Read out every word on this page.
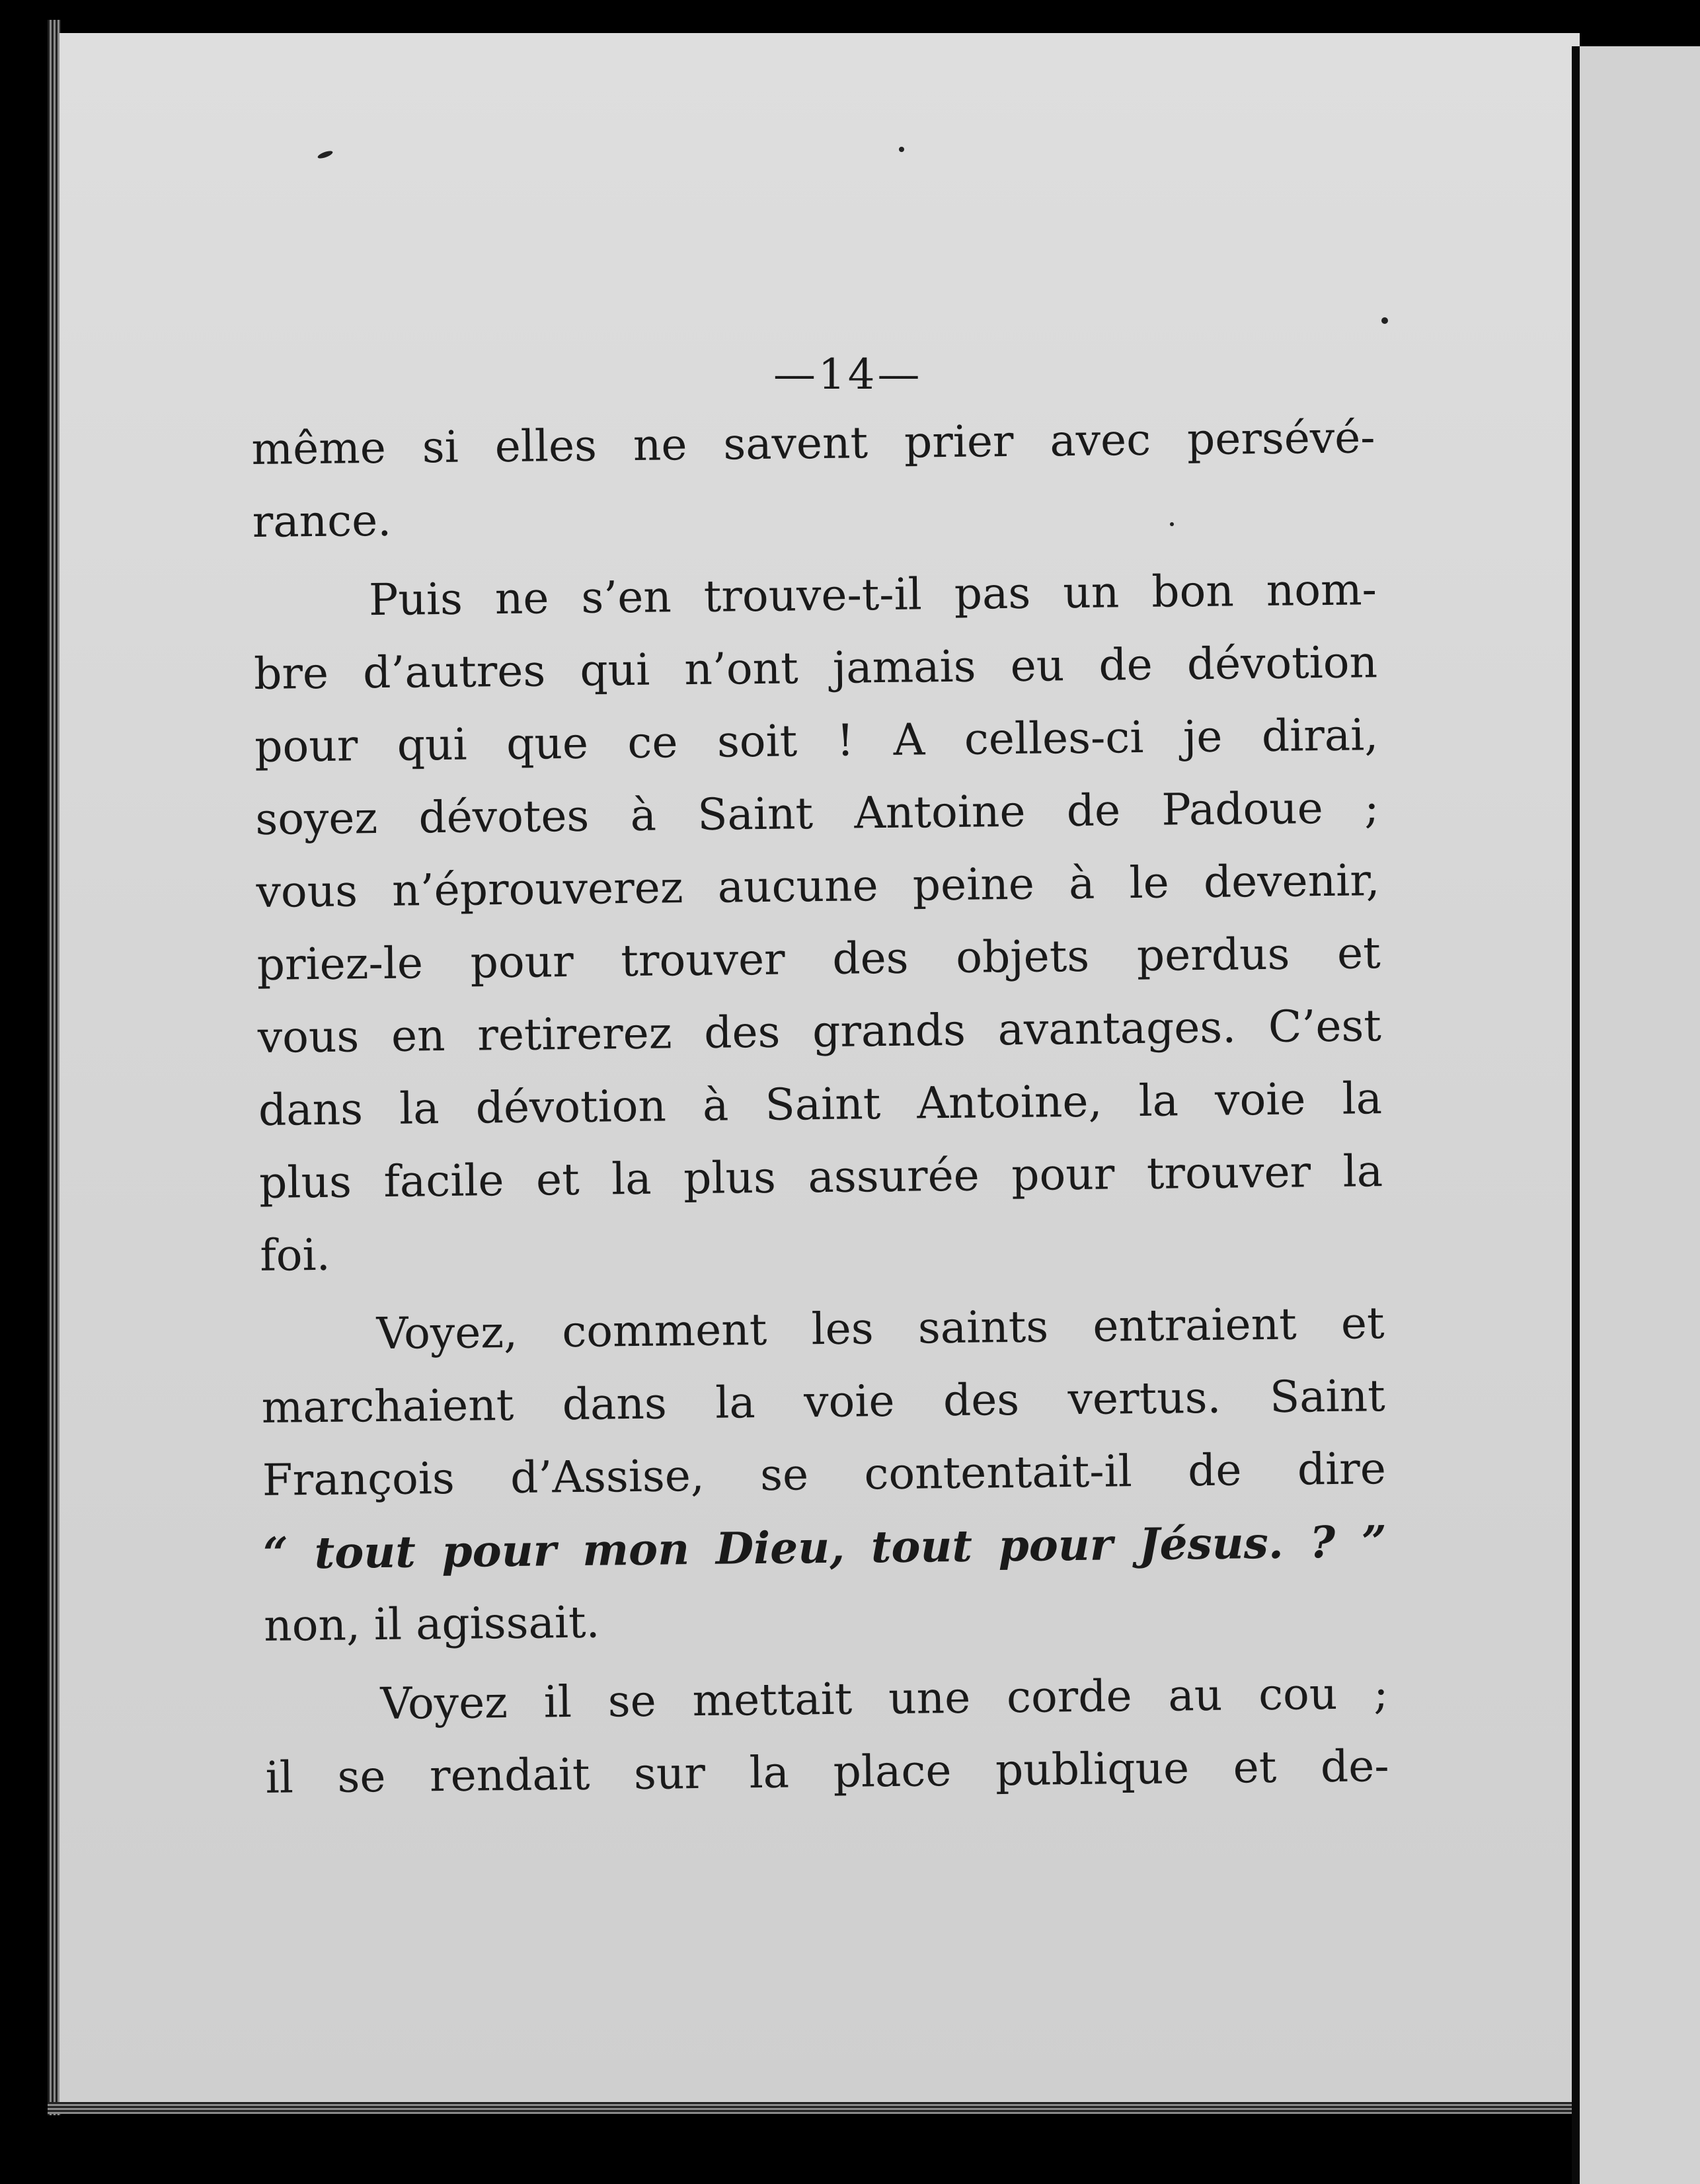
—14—
même si elles ne savent prier avec persévé-
rance.
Puis ne s’en trouve-t-il pas un bon nom-
bre d’autres qui n’ont jamais eu de dévotion
pour qui que ce soit ! A celles-ci je dirai,
soyez dévotes à Saint Antoine de Padoue ;
vous n’éprouverez aucune peine à le devenir,
priez-le pour trouver des objets perdus et
vous en retirerez des grands avantages. C’est
dans la dévotion à Saint Antoine, la voie la
plus facile et la plus assurée pour trouver la
foi.
Voyez, comment les saints entraient et
marchaient dans la voie des vertus. Saint
François d’Assise, se contentait-il de dire
“ tout pour mon Dieu, tout pour Jésus. ? ”
non, il agissait.
Voyez il se mettait une corde au cou ;
il se rendait sur la place publique et de-
